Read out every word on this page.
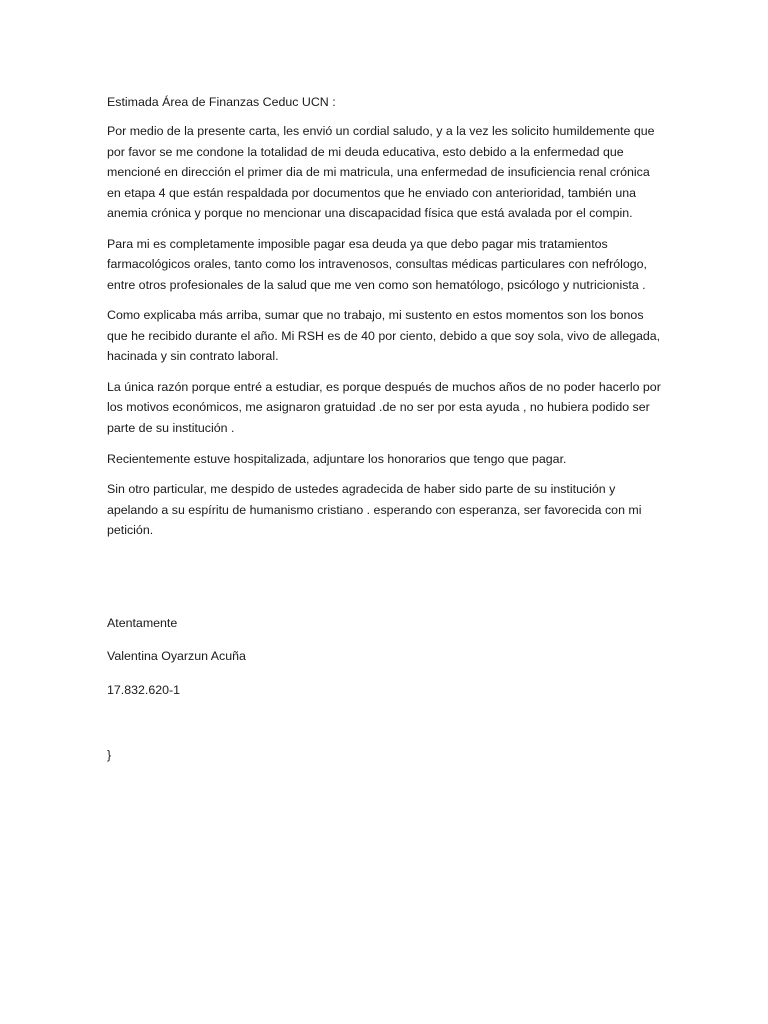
Estimada Área de Finanzas Ceduc UCN :

Por medio de la presente carta, les envió un cordial saludo, y a la vez les solicito humildemente que por favor se me condone la totalidad de mi deuda educativa, esto debido a la enfermedad que mencioné en dirección el primer dia de mi matricula, una enfermedad de insuficiencia renal crónica en etapa 4 que están respaldada por documentos que he enviado con anterioridad, también una anemia crónica y porque no mencionar una discapacidad física que está avalada por el compin.

Para mi es completamente imposible pagar esa deuda ya que debo pagar mis tratamientos farmacológicos orales, tanto como los intravenosos, consultas médicas particulares con nefrólogo, entre otros profesionales de la salud que me ven como son hematólogo, psicólogo y nutricionista .

Como explicaba más arriba, sumar que no trabajo, mi sustento en estos momentos son los bonos que he recibido durante el año. Mi RSH es de 40 por ciento, debido a que soy sola, vivo de allegada, hacinada y sin contrato laboral.

La única razón porque entré a estudiar, es porque después de muchos años de no poder hacerlo por los motivos económicos, me asignaron gratuidad .de no ser por esta ayuda , no hubiera podido ser parte de su institución .

Recientemente estuve hospitalizada, adjuntare los honorarios que tengo que pagar.

Sin otro particular, me despido de ustedes agradecida de haber sido parte de su institución y apelando a su espíritu de humanismo cristiano . esperando con esperanza, ser favorecida con mi petición.

Atentamente

Valentina Oyarzun Acuña

17.832.620-1

}
